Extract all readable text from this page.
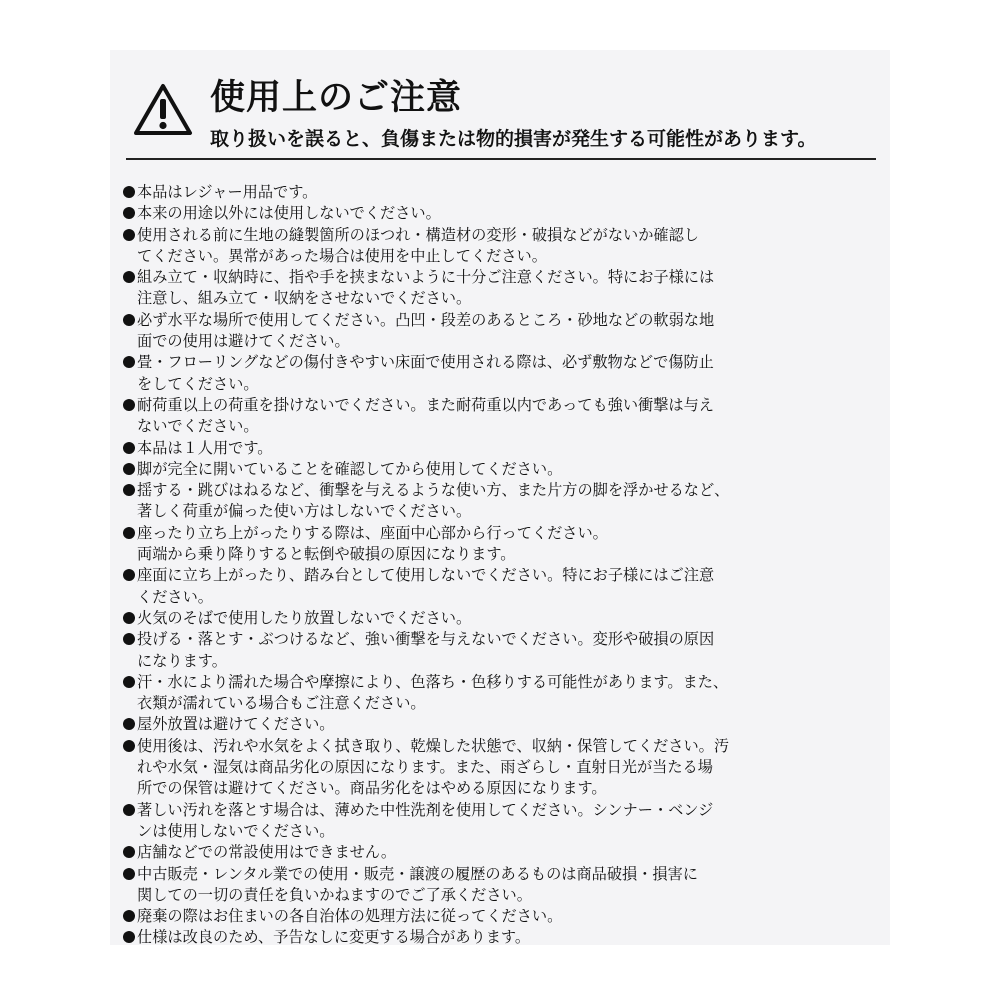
使用上のご注意
取り扱いを誤ると、負傷または物的損害が発生する可能性があります。
本品はレジャー用品です。
本来の用途以外には使用しないでください。
使用される前に生地の縫製箇所のほつれ・構造材の変形・破損などがないか確認し
てください。異常があった場合は使用を中止してください。
組み立て・収納時に、指や手を挟まないように十分ご注意ください。特にお子様には
注意し、組み立て・収納をさせないでください。
必ず水平な場所で使用してください。凸凹・段差のあるところ・砂地などの軟弱な地
面での使用は避けてください。
畳・フローリングなどの傷付きやすい床面で使用される際は、必ず敷物などで傷防止
をしてください。
耐荷重以上の荷重を掛けないでください。また耐荷重以内であっても強い衝撃は与え
ないでください。
本品は１人用です。
脚が完全に開いていることを確認してから使用してください。
揺する・跳びはねるなど、衝撃を与えるような使い方、また片方の脚を浮かせるなど、
著しく荷重が偏った使い方はしないでください。
座ったり立ち上がったりする際は、座面中心部から行ってください。
両端から乗り降りすると転倒や破損の原因になります。
座面に立ち上がったり、踏み台として使用しないでください。特にお子様にはご注意
ください。
火気のそばで使用したり放置しないでください。
投げる・落とす・ぶつけるなど、強い衝撃を与えないでください。変形や破損の原因
になります。
汗・水により濡れた場合や摩擦により、色落ち・色移りする可能性があります。また、
衣類が濡れている場合もご注意ください。
屋外放置は避けてください。
使用後は、汚れや水気をよく拭き取り、乾燥した状態で、収納・保管してください。汚
れや水気・湿気は商品劣化の原因になります。また、雨ざらし・直射日光が当たる場
所での保管は避けてください。商品劣化をはやめる原因になります。
著しい汚れを落とす場合は、薄めた中性洗剤を使用してください。シンナー・ベンジ
ンは使用しないでください。
店舗などでの常設使用はできません。
中古販売・レンタル業での使用・販売・譲渡の履歴のあるものは商品破損・損害に
関しての一切の責任を負いかねますのでご了承ください。
廃棄の際はお住まいの各自治体の処理方法に従ってください。
仕様は改良のため、予告なしに変更する場合があります。
